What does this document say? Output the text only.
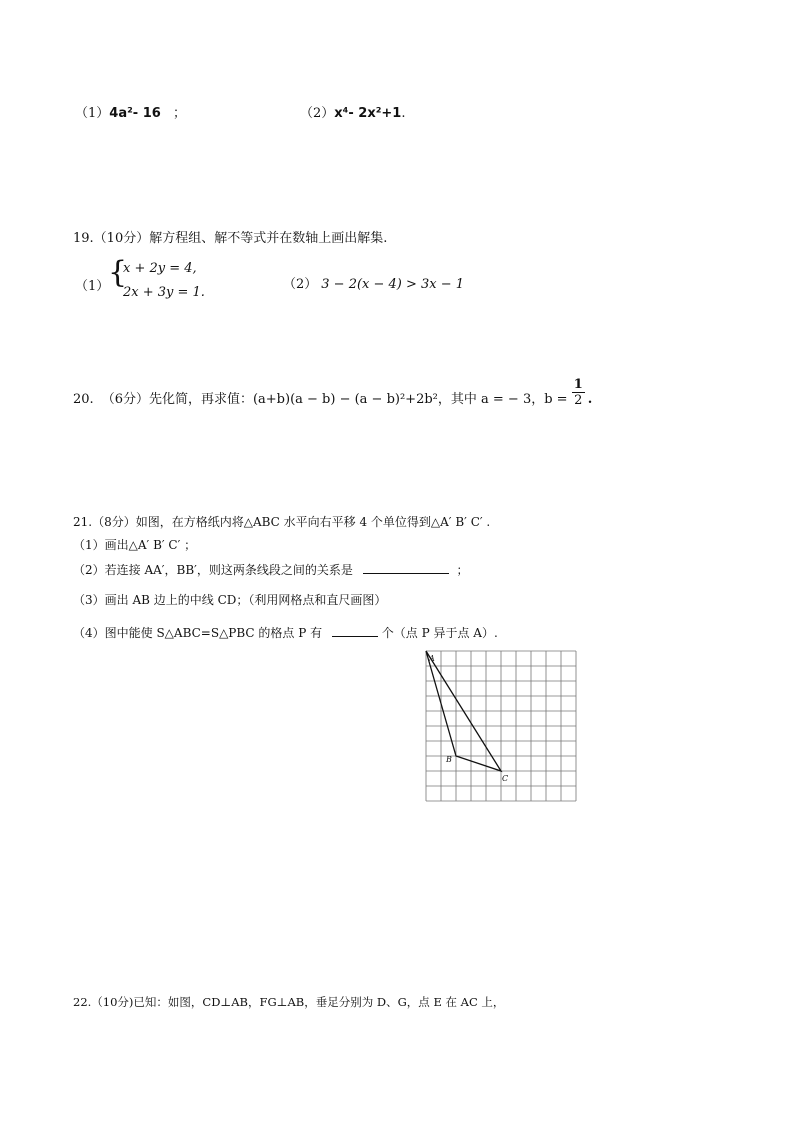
（1）4a²- 16 ；	（2）x⁴- 2x²+1.
19.（10分）解方程组、解不等式并在数轴上画出解集.
（1）
{
x + 2y = 4,
2x + 3y = 1.
（2） 3 − 2(x − 4) > 3x − 1
20. （6分）先化简，再求值：(a+b)(a − b) − (a − b)²+2b²，其中 a = − 3，$b = \frac{1}{2}$ .
21.（8分）如图，在方格纸内将△ABC 水平向右平移 4 个单位得到△A′ B′ C′ .
（1）画出△A′ B′ C′ ；
（2）若连接 AA′，BB′，则这两条线段之间的关系是	；
（3）画出 AB 边上的中线 CD；（利用网格点和直尺画图）
（4）图中能使 S△ABC=S△PBC 的格点 P 有	个（点 P 异于点 A）.
A
B
C
22.（10分)已知：如图，CD⊥AB，FG⊥AB，垂足分别为 D、G，点 E 在 AC 上，
